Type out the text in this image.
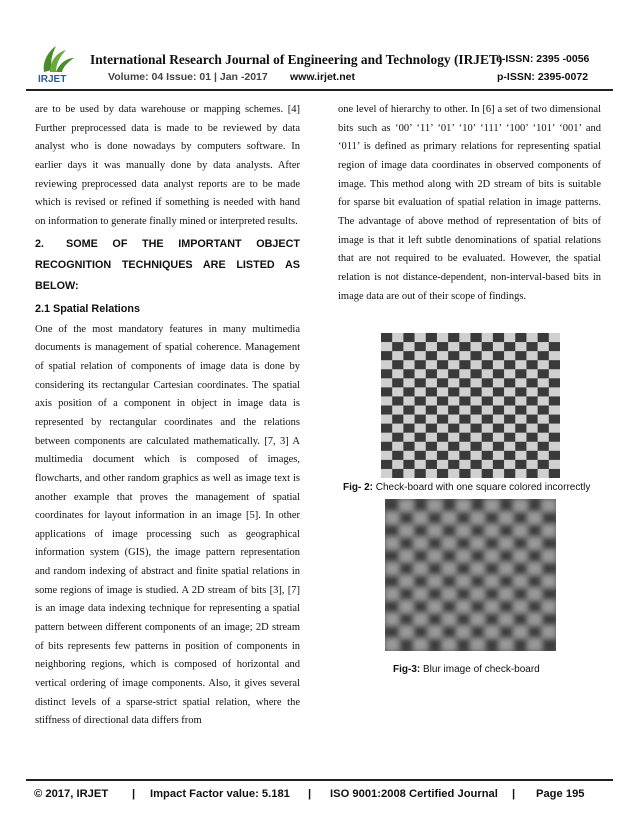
IRJET
International Research Journal of Engineering and Technology (IRJET)
e-ISSN: 2395 -0056
Volume: 04 Issue: 01 | Jan -2017 www.irjet.net	p-ISSN: 2395-0072

are to be used by data warehouse or mapping schemes. [4] Further preprocessed data is made to be reviewed by data analyst who is done nowadays by computers software. In earlier days it was manually done by data analysts. After reviewing preprocessed data analyst reports are to be made which is revised or refined if something is needed with hand on information to generate finally mined or interpreted results.

2. SOME OF THE IMPORTANT OBJECT RECOGNITION TECHNIQUES ARE LISTED AS BELOW:
2.1 Spatial Relations

One of the most mandatory features in many multimedia documents is management of spatial coherence. Management of spatial relation of components of image data is done by considering its rectangular Cartesian coordinates. The spatial axis position of a component in object in image data is represented by rectangular coordinates and the relations between components are calculated mathematically. [7, 3] A multimedia document which is composed of images, flowcharts, and other random graphics as well as image text is another example that proves the management of spatial coordinates for layout information in an image [5]. In other applications of image processing such as geographical information system (GIS), the image pattern representation and random indexing of abstract and finite spatial relations in some regions of image is studied. A 2D stream of bits [3], [7] is an image data indexing technique for representing a spatial pattern between different components of an image; 2D stream of bits represents few patterns in position of components in neighboring regions, which is composed of horizontal and vertical ordering of image components. Also, it gives several distinct levels of a sparse-strict spatial relation, where the stiffness of directional data differs from

one level of hierarchy to other. In [6] a set of two dimensional bits such as ‘00’ ‘11’ ‘01’ ‘10’ ‘111’ ‘100’ ‘101’ ‘001’ and ‘011’ is defined as primary relations for representing spatial region of image data coordinates in observed components of image. This method along with 2D stream of bits is suitable for sparse bit evaluation of spatial relation in image patterns. The advantage of above method of representation of bits of image is that it left subtle denominations of spatial relations that are not required to be evaluated. However, the spatial relation is not distance-dependent, non-interval-based bits in image data are out of their scope of findings.

Fig- 2: Check-board with one square colored incorrectly
Fig-3: Blur image of check-board
© 2017, IRJET | Impact Factor value: 5.181 | ISO 9001:2008 Certified Journal | Page 195
